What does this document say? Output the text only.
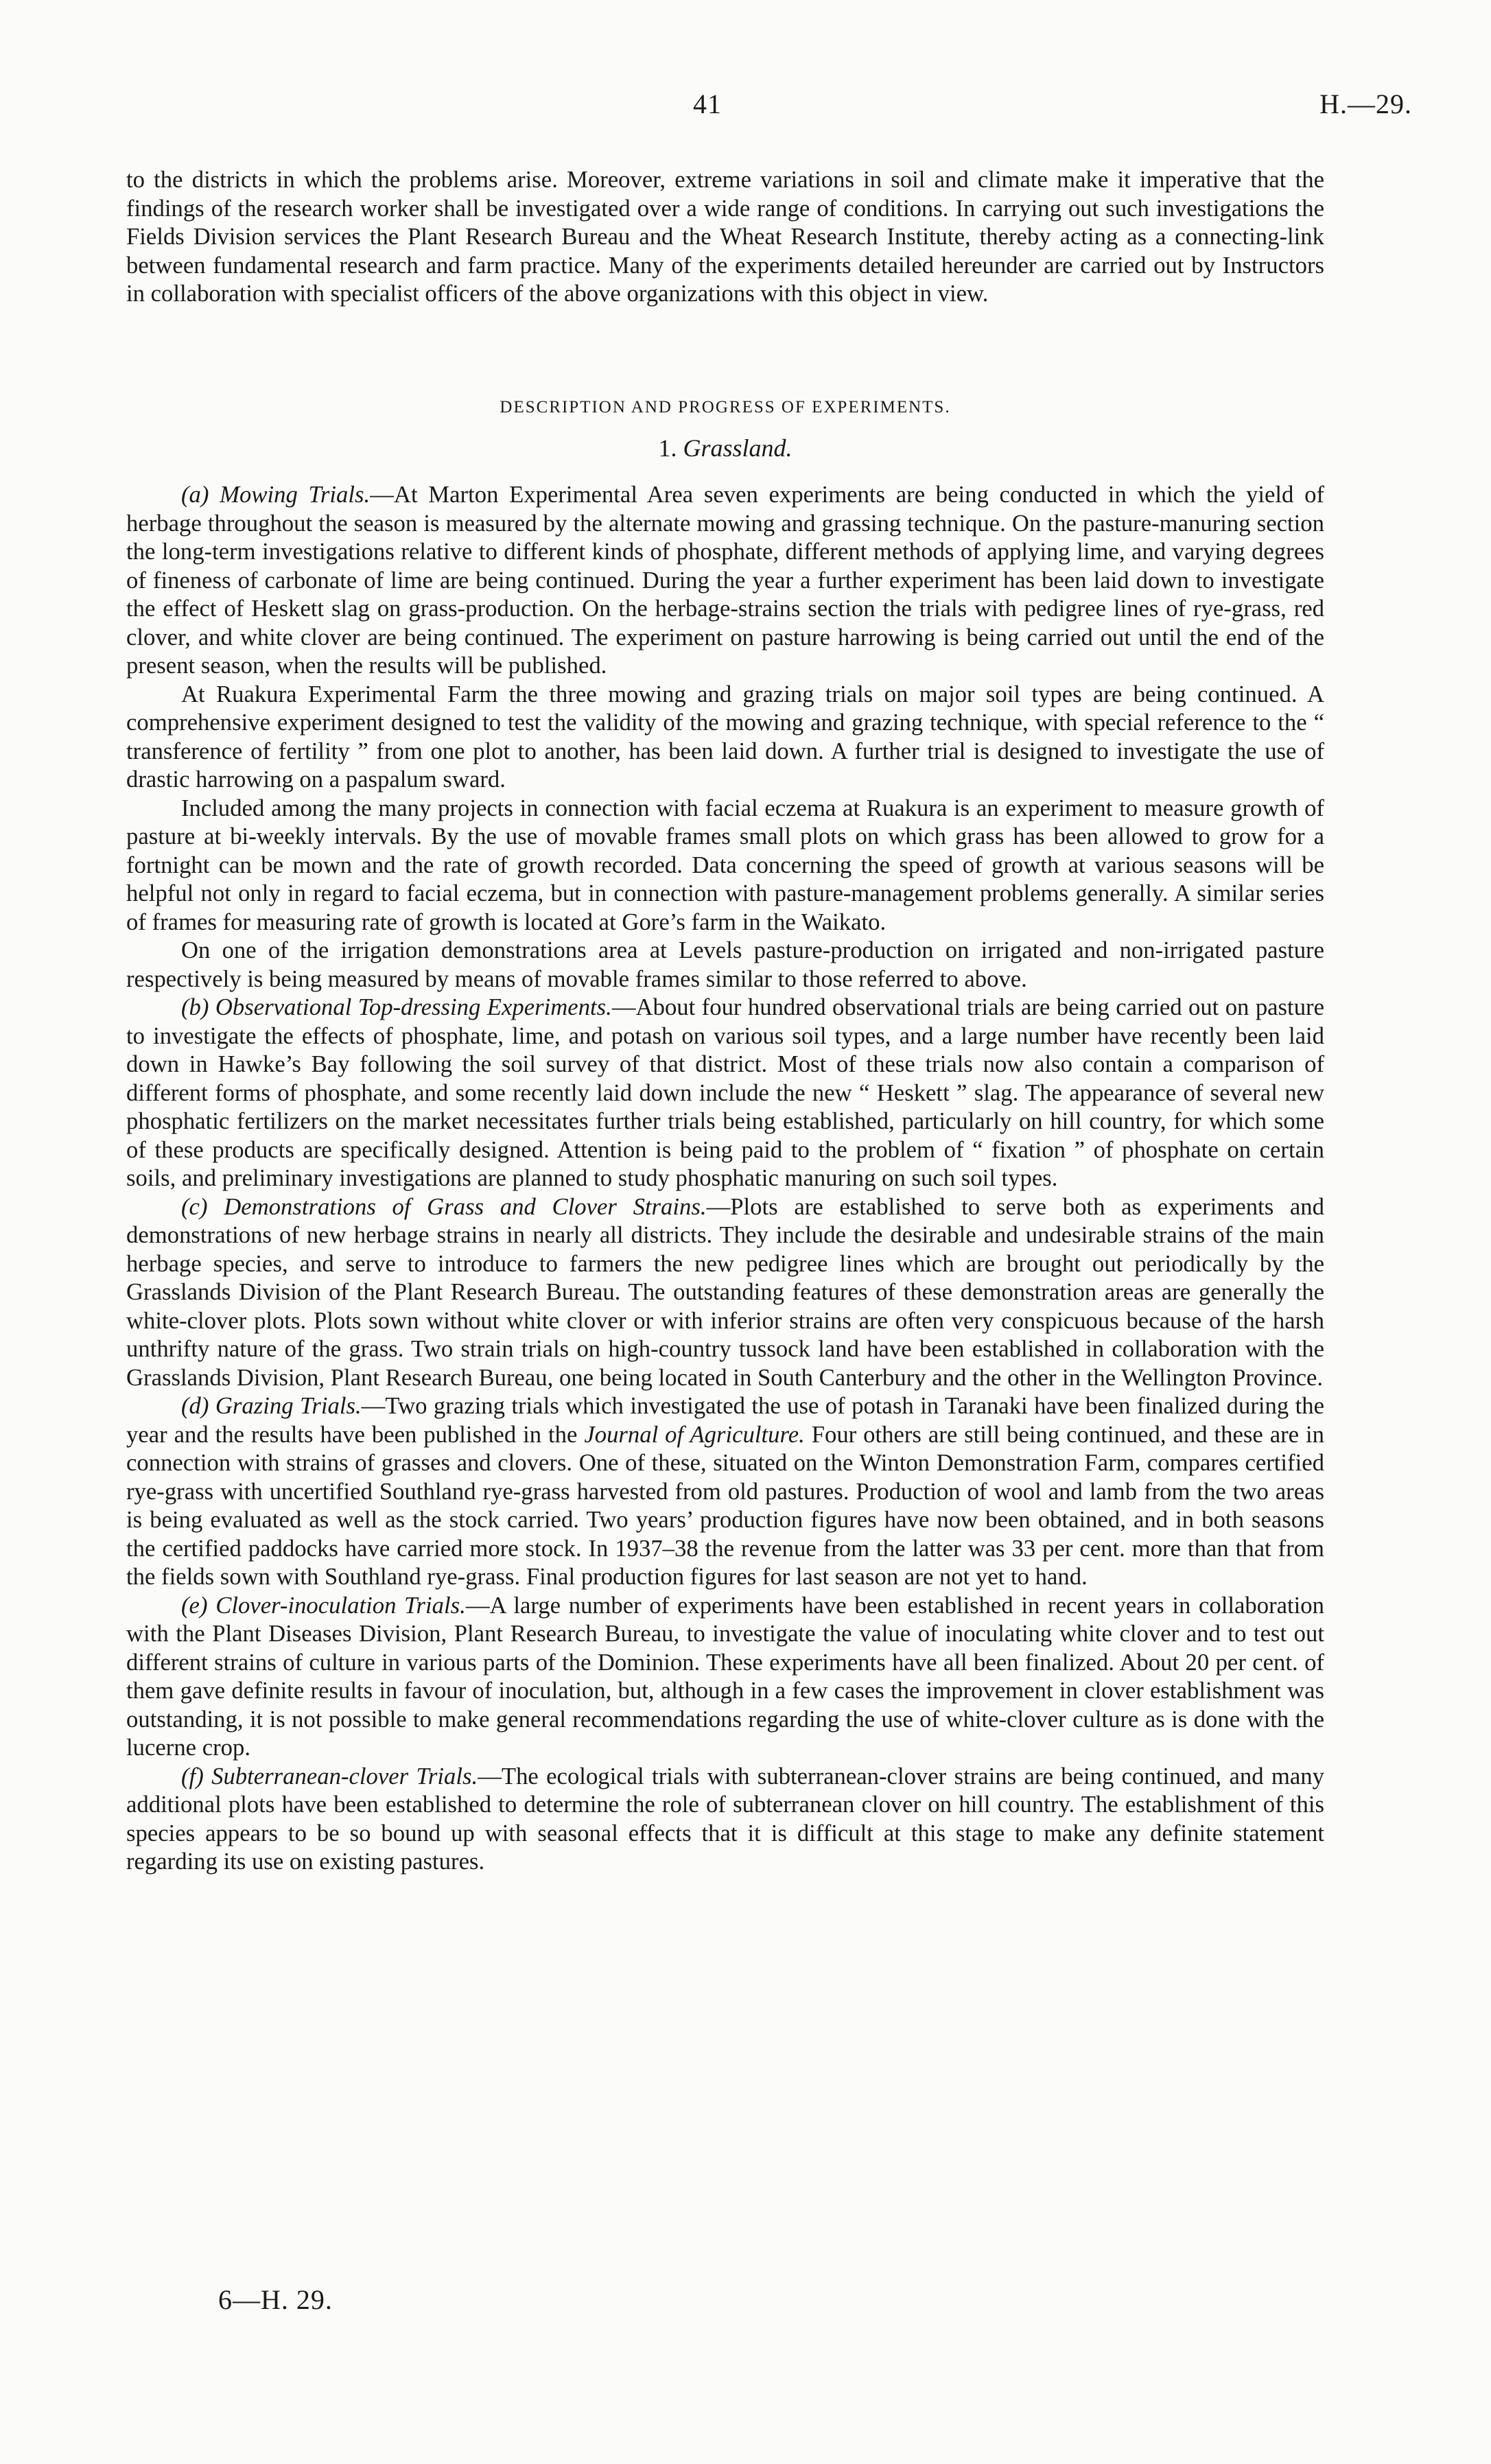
41	H.—29.

to the districts in which the problems arise. Moreover, extreme variations in soil and climate make it imperative that the findings of the research worker shall be investigated over a wide range of conditions. In carrying out such investigations the Fields Division services the Plant Research Bureau and the Wheat Research Institute, thereby acting as a connecting-link between fundamental research and farm practice. Many of the experiments detailed hereunder are carried out by Instructors in collaboration with specialist officers of the above organizations with this object in view.

DESCRIPTION AND PROGRESS OF EXPERIMENTS.
1. Grassland.

(a) Mowing Trials.—At Marton Experimental Area seven experiments are being conducted in which the yield of herbage throughout the season is measured by the alternate mowing and grassing technique. On the pasture-manuring section the long-term investigations relative to different kinds of phosphate, different methods of applying lime, and varying degrees of fineness of carbonate of lime are being continued. During the year a further experiment has been laid down to investigate the effect of Heskett slag on grass-production. On the herbage-strains section the trials with pedigree lines of rye-grass, red clover, and white clover are being continued. The experiment on pasture harrowing is being carried out until the end of the present season, when the results will be published.

At Ruakura Experimental Farm the three mowing and grazing trials on major soil types are being continued. A comprehensive experiment designed to test the validity of the mowing and grazing technique, with special reference to the “ transference of fertility ” from one plot to another, has been laid down. A further trial is designed to investigate the use of drastic harrowing on a paspalum sward.

Included among the many projects in connection with facial eczema at Ruakura is an experiment to measure growth of pasture at bi-weekly intervals. By the use of movable frames small plots on which grass has been allowed to grow for a fortnight can be mown and the rate of growth recorded. Data concerning the speed of growth at various seasons will be helpful not only in regard to facial eczema, but in connection with pasture-management problems generally. A similar series of frames for measuring rate of growth is located at Gore’s farm in the Waikato.

On one of the irrigation demonstrations area at Levels pasture-production on irrigated and non-irrigated pasture respectively is being measured by means of movable frames similar to those referred to above.

(b) Observational Top-dressing Experiments.—About four hundred observational trials are being carried out on pasture to investigate the effects of phosphate, lime, and potash on various soil types, and a large number have recently been laid down in Hawke’s Bay following the soil survey of that district. Most of these trials now also contain a comparison of different forms of phosphate, and some recently laid down include the new “ Heskett ” slag. The appearance of several new phosphatic fertilizers on the market necessitates further trials being established, particularly on hill country, for which some of these products are specifically designed. Attention is being paid to the problem of “ fixation ” of phosphate on certain soils, and preliminary investigations are planned to study phosphatic manuring on such soil types.

(c) Demonstrations of Grass and Clover Strains.—Plots are established to serve both as experiments and demonstrations of new herbage strains in nearly all districts. They include the desirable and undesirable strains of the main herbage species, and serve to introduce to farmers the new pedigree lines which are brought out periodically by the Grasslands Division of the Plant Research Bureau. The outstanding features of these demonstration areas are generally the white-clover plots. Plots sown without white clover or with inferior strains are often very conspicuous because of the harsh unthrifty nature of the grass. Two strain trials on high-country tussock land have been established in collaboration with the Grasslands Division, Plant Research Bureau, one being located in South Canterbury and the other in the Wellington Province.

(d) Grazing Trials.—Two grazing trials which investigated the use of potash in Taranaki have been finalized during the year and the results have been published in the Journal of Agriculture. Four others are still being continued, and these are in connection with strains of grasses and clovers. One of these, situated on the Winton Demonstration Farm, compares certified rye-grass with uncertified Southland rye-grass harvested from old pastures. Production of wool and lamb from the two areas is being evaluated as well as the stock carried. Two years’ production figures have now been obtained, and in both seasons the certified paddocks have carried more stock. In 1937–38 the revenue from the latter was 33 per cent. more than that from the fields sown with Southland rye-grass. Final production figures for last season are not yet to hand.

(e) Clover-inoculation Trials.—A large number of experiments have been established in recent years in collaboration with the Plant Diseases Division, Plant Research Bureau, to investigate the value of inoculating white clover and to test out different strains of culture in various parts of the Dominion. These experiments have all been finalized. About 20 per cent. of them gave definite results in favour of inoculation, but, although in a few cases the improvement in clover establishment was outstanding, it is not possible to make general recommendations regarding the use of white-clover culture as is done with the lucerne crop.

(f) Subterranean-clover Trials.—The ecological trials with subterranean-clover strains are being continued, and many additional plots have been established to determine the role of subterranean clover on hill country. The establishment of this species appears to be so bound up with seasonal effects that it is difficult at this stage to make any definite statement regarding its use on existing pastures.

6—H. 29.
